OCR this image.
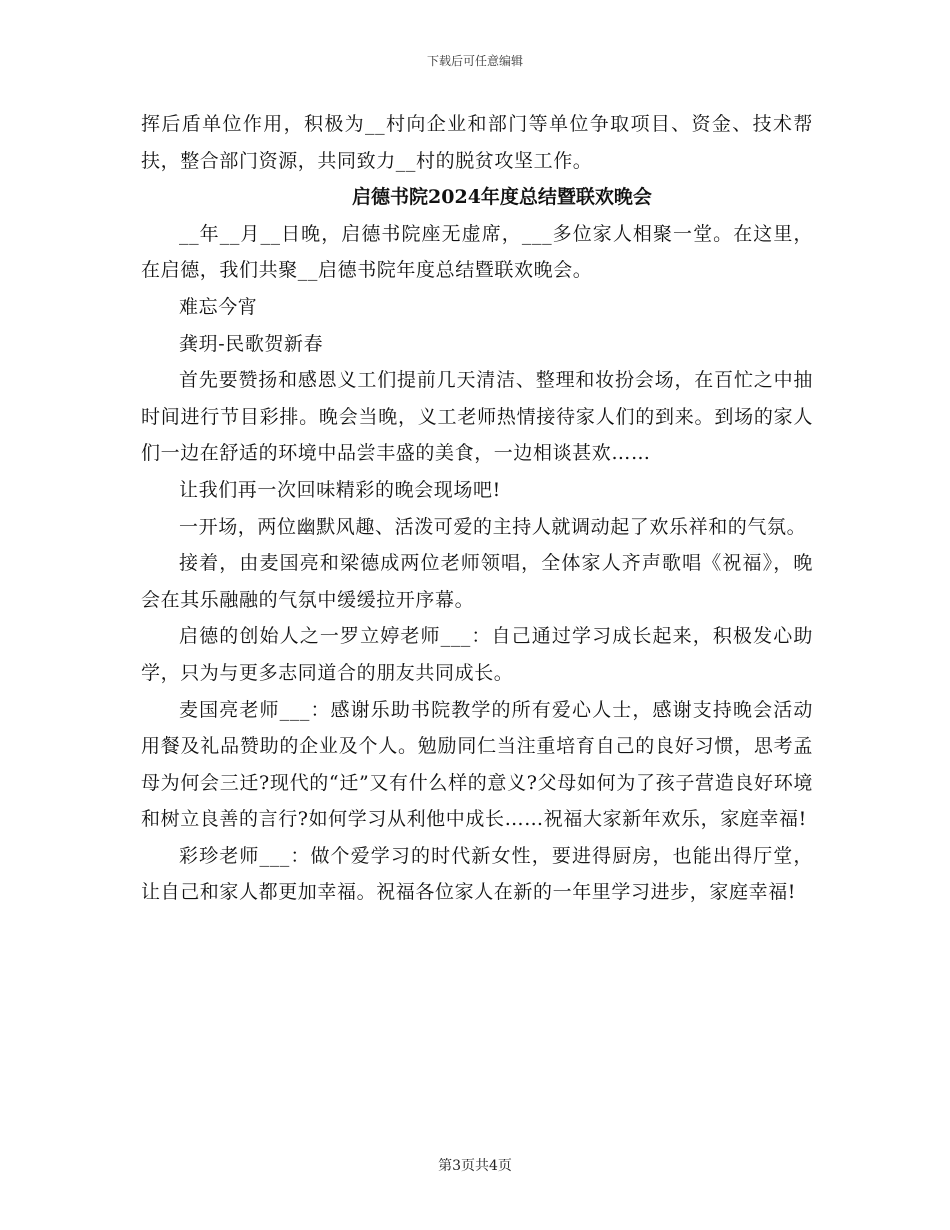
下载后可任意编辑

挥后盾单位作用，积极为__村向企业和部门等单位争取项目、资金、技术帮扶，整合部门资源，共同致力__村的脱贫攻坚工作。

启德书院2024年度总结暨联欢晚会

__年__月__日晚，启德书院座无虚席，___多位家人相聚一堂。在这里，在启德，我们共聚__启德书院年度总结暨联欢晚会。

难忘今宵

龚玥-民歌贺新春

首先要赞扬和感恩义工们提前几天清洁、整理和妆扮会场，在百忙之中抽时间进行节目彩排。晚会当晚，义工老师热情接待家人们的到来。到场的家人们一边在舒适的环境中品尝丰盛的美食，一边相谈甚欢……

让我们再一次回味精彩的晚会现场吧!

一开场，两位幽默风趣、活泼可爱的主持人就调动起了欢乐祥和的气氛。

接着，由麦国亮和梁德成两位老师领唱，全体家人齐声歌唱《祝福》，晚会在其乐融融的气氛中缓缓拉开序幕。

启德的创始人之一罗立婷老师___：自己通过学习成长起来，积极发心助学，只为与更多志同道合的朋友共同成长。

麦国亮老师___：感谢乐助书院教学的所有爱心人士，感谢支持晚会活动用餐及礼品赞助的企业及个人。勉励同仁当注重培育自己的良好习惯，思考孟母为何会三迁?现代的“迁”又有什么样的意义?父母如何为了孩子营造良好环境和树立良善的言行?如何学习从利他中成长……祝福大家新年欢乐，家庭幸福!

彩珍老师___：做个爱学习的时代新女性，要进得厨房，也能出得厅堂，让自己和家人都更加幸福。祝福各位家人在新的一年里学习进步，家庭幸福!

第3页共4页
